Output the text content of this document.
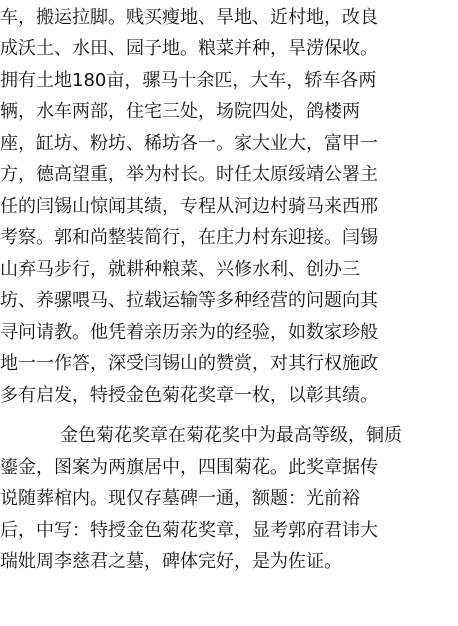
车，搬运拉脚。贱买瘦地、旱地、近村地，改良
成沃土、水田、园子地。粮菜并种，旱涝保收。
拥有土地180亩，骡马十余匹，大车，轿车各两
辆，水车两部，住宅三处，场院四处，鸽楼两
座，缸坊、粉坊、稀坊各一。家大业大，富甲一
方，德高望重，举为村长。时任太原绥靖公署主
任的闫锡山惊闻其绩，专程从河边村骑马来西邢
考察。郭和尚整装简行，在庄力村东迎接。闫锡
山弃马步行，就耕种粮菜、兴修水利、创办三
坊、养骡喂马、拉载运输等多种经营的问题向其
寻问请教。他凭着亲历亲为的经验，如数家珍般
地一一作答，深受闫锡山的赞赏，对其行权施政
多有启发，特授金色菊花奖章一枚，以彰其绩。
金色菊花奖章在菊花奖中为最高等级，铜质
鎏金，图案为两旗居中，四围菊花。此奖章据传
说随葬棺内。现仅存墓碑一通，额题：光前裕
后，中写：特授金色菊花奖章，显考郭府君讳大
瑞妣周李慈君之墓，碑体完好，是为佐证。
